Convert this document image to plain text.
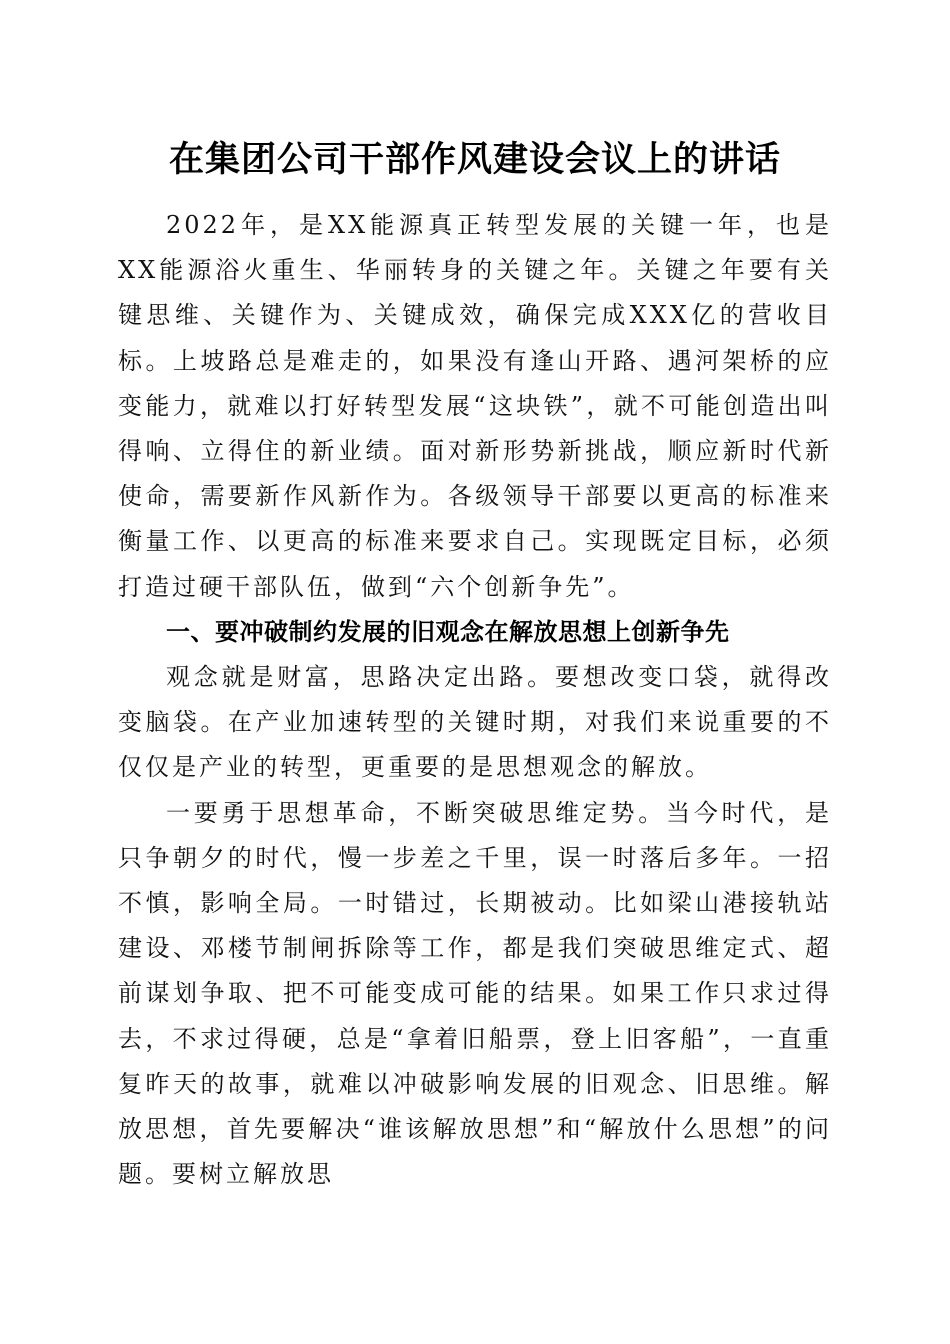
在集团公司干部作风建设会议上的讲话

2022年，是XX能源真正转型发展的关键一年，也是XX能源浴火重生、华丽转身的关键之年。关键之年要有关键思维、关键作为、关键成效，确保完成XXX亿的营收目标。上坡路总是难走的，如果没有逢山开路、遇河架桥的应变能力，就难以打好转型发展“这块铁”，就不可能创造出叫得响、立得住的新业绩。面对新形势新挑战，顺应新时代新使命，需要新作风新作为。各级领导干部要以更高的标准来衡量工作、以更高的标准来要求自己。实现既定目标，必须打造过硬干部队伍，做到“六个创新争先”。

一、要冲破制约发展的旧观念在解放思想上创新争先

观念就是财富，思路决定出路。要想改变口袋，就得改变脑袋。在产业加速转型的关键时期，对我们来说重要的不仅仅是产业的转型，更重要的是思想观念的解放。

一要勇于思想革命，不断突破思维定势。当今时代，是只争朝夕的时代，慢一步差之千里，误一时落后多年。一招不慎，影响全局。一时错过，长期被动。比如梁山港接轨站建设、邓楼节制闸拆除等工作，都是我们突破思维定式、超前谋划争取、把不可能变成可能的结果。如果工作只求过得去，不求过得硬，总是“拿着旧船票，登上旧客船”，一直重复昨天的故事，就难以冲破影响发展的旧观念、旧思维。解放思想，首先要解决“谁该解放思想”和“解放什么思想”的问题。要树立解放思
